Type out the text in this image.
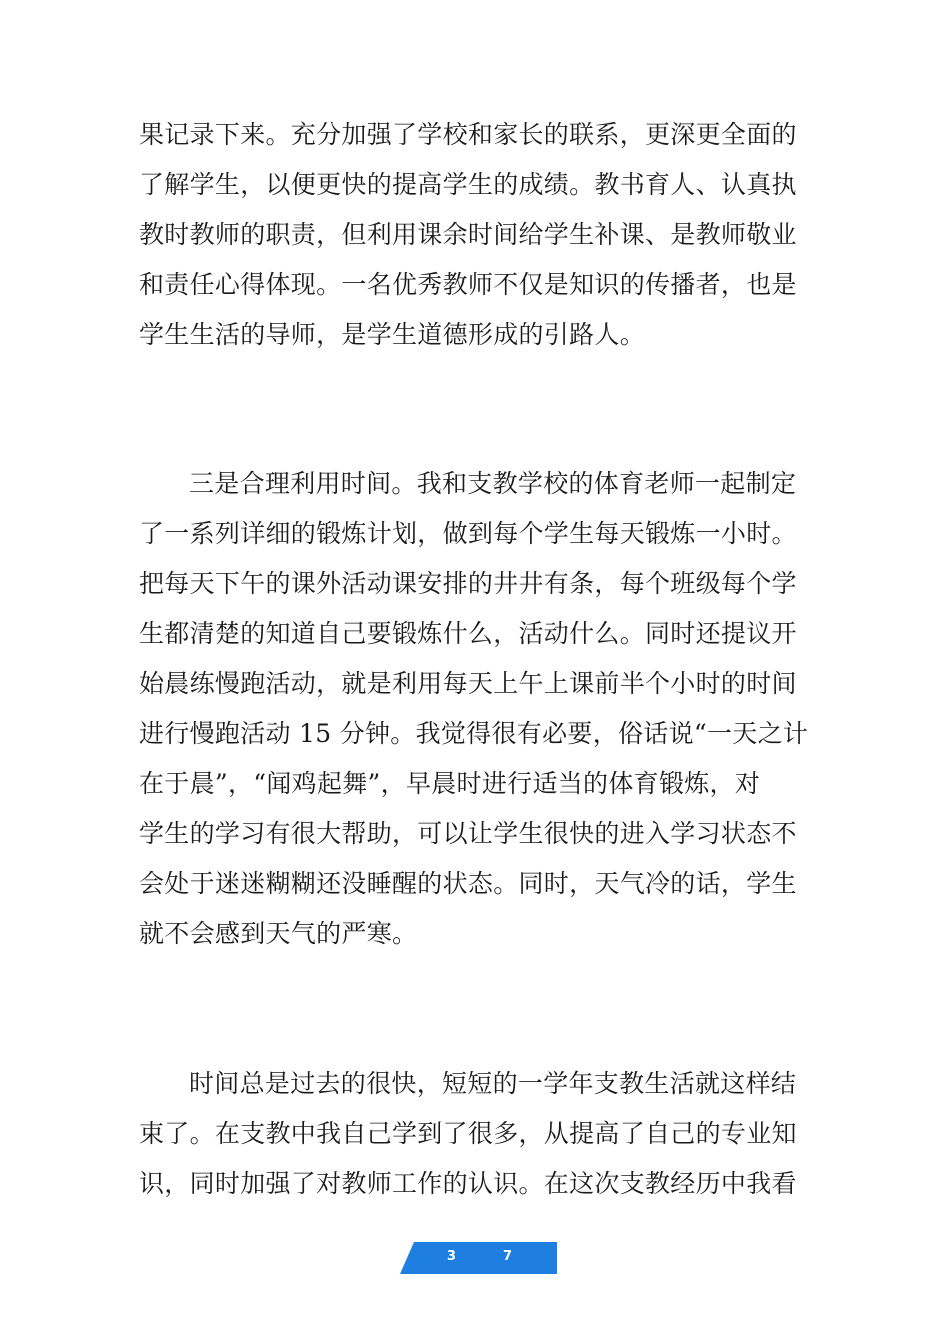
果记录下来。充分加强了学校和家长的联系，更深更全面的
了解学生，以便更快的提高学生的成绩。教书育人、认真执
教时教师的职责，但利用课余时间给学生补课、是教师敬业
和责任心得体现。一名优秀教师不仅是知识的传播者，也是
学生生活的导师，是学生道德形成的引路人。
三是合理利用时间。我和支教学校的体育老师一起制定
了一系列详细的锻炼计划，做到每个学生每天锻炼一小时。
把每天下午的课外活动课安排的井井有条，每个班级每个学
生都清楚的知道自己要锻炼什么，活动什么。同时还提议开
始晨练慢跑活动，就是利用每天上午上课前半个小时的时间
进行慢跑活动 15 分钟。我觉得很有必要，俗话说“一天之计
在于晨”，“闻鸡起舞”，早晨时进行适当的体育锻炼，对
学生的学习有很大帮助，可以让学生很快的进入学习状态不
会处于迷迷糊糊还没睡醒的状态。同时，天气冷的话，学生
就不会感到天气的严寒。
时间总是过去的很快，短短的一学年支教生活就这样结
束了。在支教中我自己学到了很多，从提高了自己的专业知
识，同时加强了对教师工作的认识。在这次支教经历中我看
3	7
